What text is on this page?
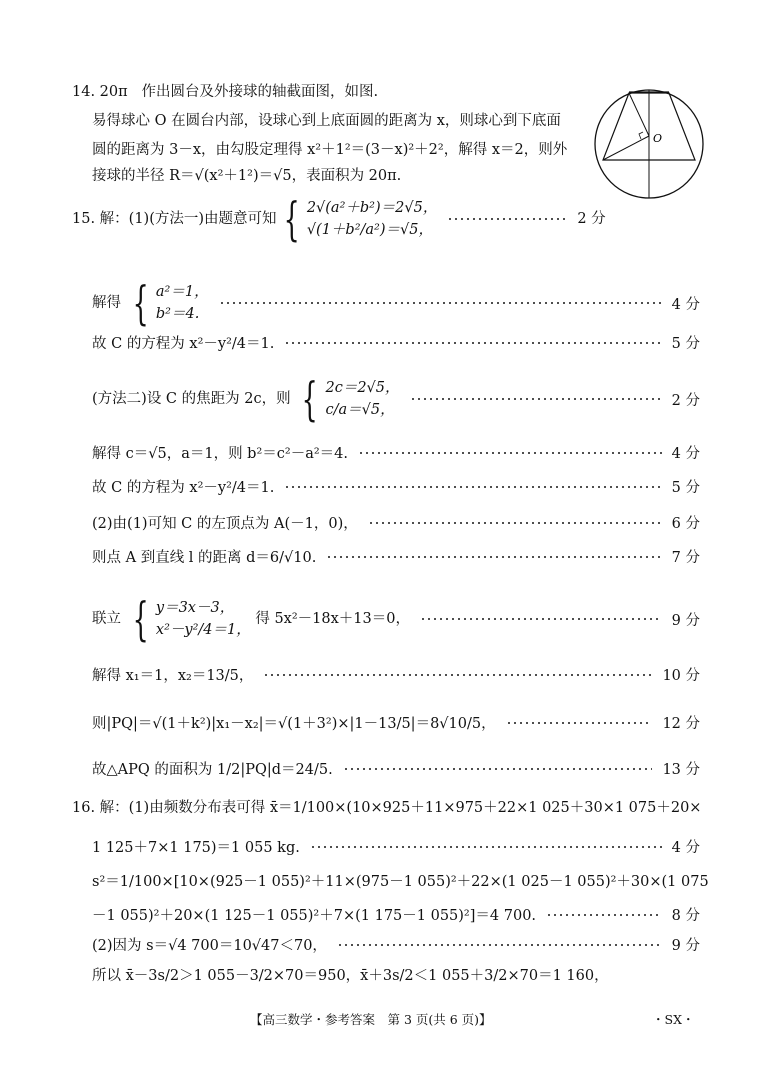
14. 20π 作出圆台及外接球的轴截面图，如图.
易得球心 O 在圆台内部，设球心到上底面圆的距离为 x，则球心到下底面
圆的距离为 3－x，由勾股定理得 x²＋1²＝(3－x)²＋2²，解得 x＝2，则外
接球的半径 R＝√(x²＋1²)＝√5，表面积为 20π.
O
15. 解：(1)(方法一)由题意可知 { 2√(a²＋b²)＝2√5，
√(1＋b²/a²)＝√5，
2 分
解得 { a²＝1，
b²＝4.
4 分
故 C 的方程为 x²－y²/4＝1.	5 分
(方法二)设 C 的焦距为 2c，则 { 2c＝2√5，
c/a＝√5，
2 分
解得 c＝√5，a＝1，则 b²＝c²－a²＝4.	4 分
故 C 的方程为 x²－y²/4＝1.	5 分
(2)由(1)可知 C 的左顶点为 A(－1，0)，	6 分
则点 A 到直线 l 的距离 d＝6/√10.	7 分
联立 { y＝3x－3，
x²－y²/4＝1，
得 5x²－18x＋13＝0，	9 分
解得 x₁＝1，x₂＝13/5，	10 分
则|PQ|＝√(1＋k²)|x₁－x₂|＝√(1＋3²)×|1－13/5|＝8√10/5，	12 分
故△APQ 的面积为 1/2|PQ|d＝24/5.	13 分
16. 解：(1)由频数分布表可得 x̄＝1/100×(10×925＋11×975＋22×1 025＋30×1 075＋20×
1 125＋7×1 175)＝1 055 kg.	4 分
s²＝1/100×[10×(925－1 055)²＋11×(975－1 055)²＋22×(1 025－1 055)²＋30×(1 075
－1 055)²＋20×(1 125－1 055)²＋7×(1 175－1 055)²]＝4 700.	8 分
(2)因为 s＝√4 700＝10√47＜70，	9 分
所以 x̄－3s/2＞1 055－3/2×70＝950，x̄＋3s/2＜1 055＋3/2×70＝1 160，
【高三数学・参考答案　第 3 页(共 6 页)】	・SX・
